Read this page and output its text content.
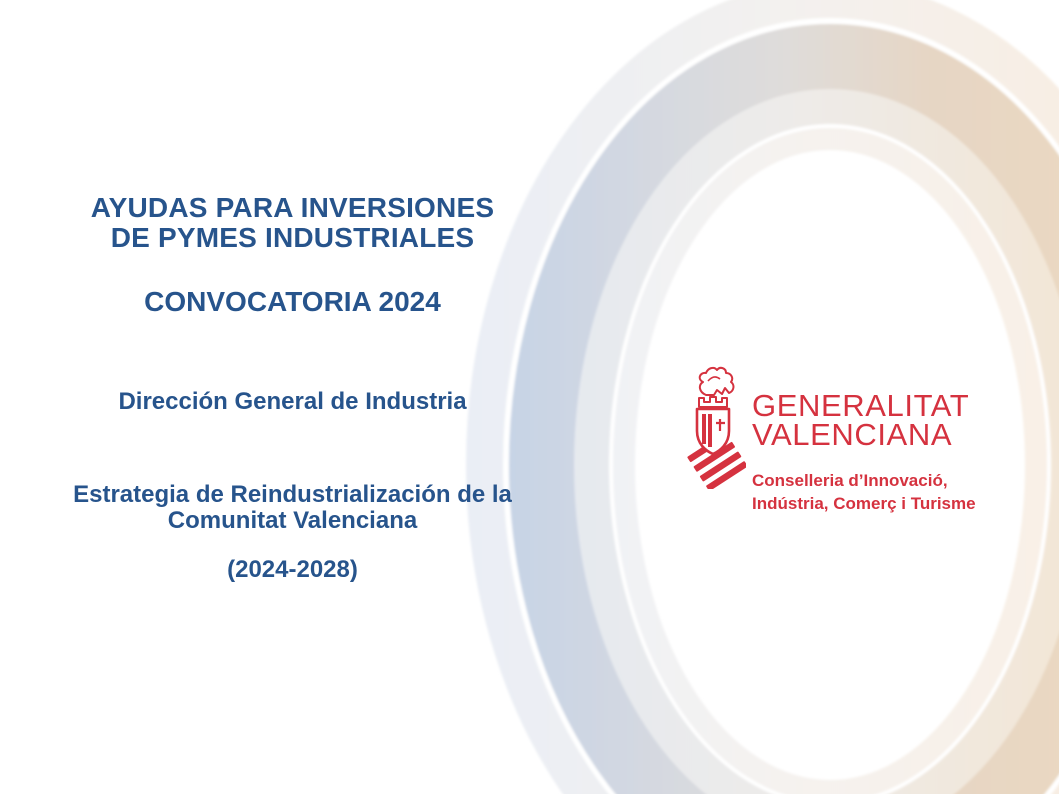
AYUDAS PARA INVERSIONES
DE PYMES INDUSTRIALES
CONVOCATORIA 2024
Dirección General de Industria
Estrategia de Reindustrialización de la
Comunitat Valenciana
(2024-2028)
GENERALITAT
VALENCIANA
Conselleria d’Innovació,
Indústria, Comerç i Turisme
